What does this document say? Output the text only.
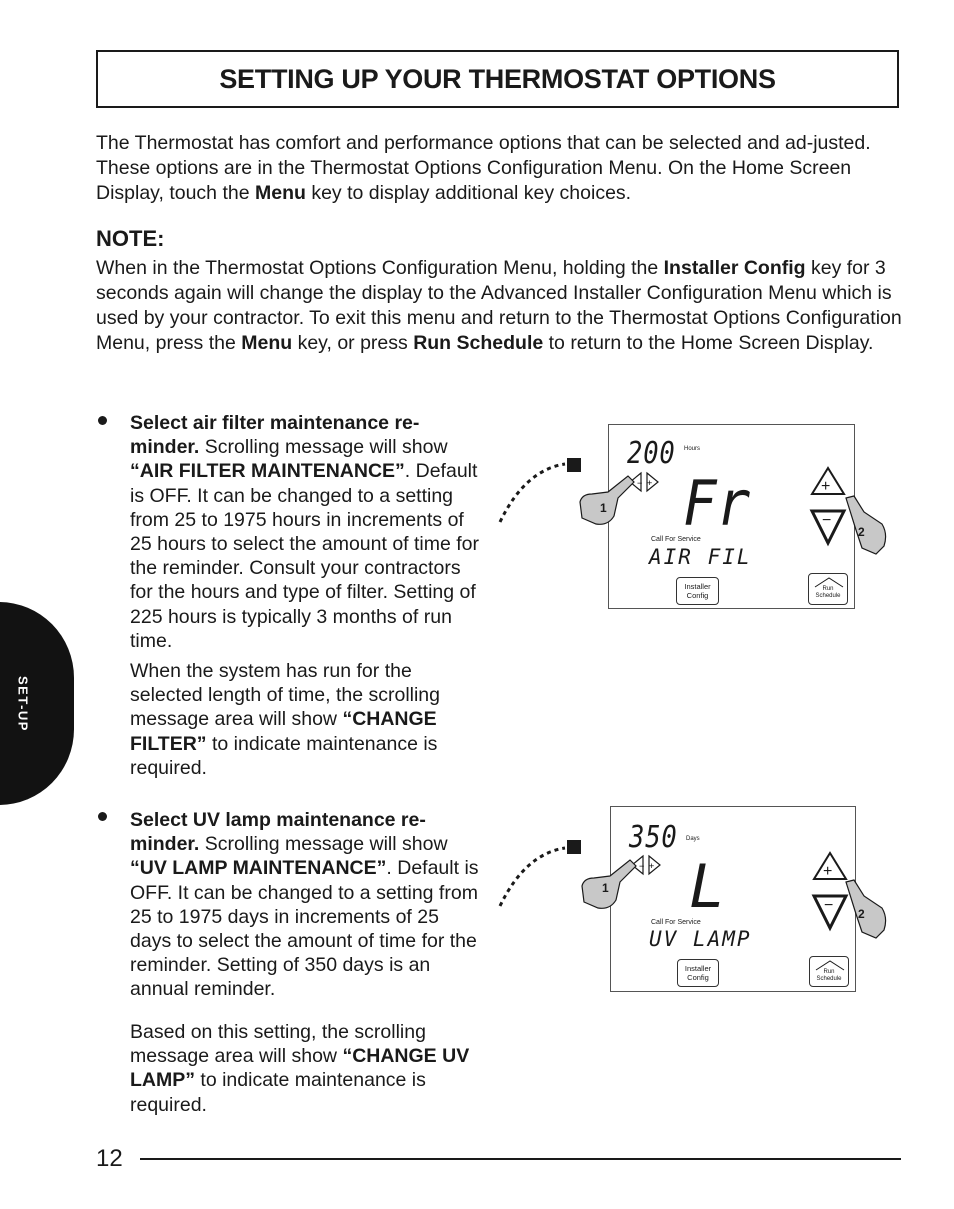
SETTING UP YOUR THERMOSTAT OPTIONS

The Thermostat has comfort and performance options that can be selected and ad-justed. These options are in the Thermostat Options Configuration Menu. On the Home Screen Display, touch the Menu key to display additional key choices.

NOTE:

When in the Thermostat Options Configuration Menu, holding the Installer Config key for 3 seconds again will change the display to the Advanced Installer Configuration Menu which is used by your contractor. To exit this menu and return to the Thermostat Options Configuration Menu, press the Menu key, or press Run Schedule to return to the Home Screen Display.

Select air filter maintenance re-minder. Scrolling message will show “AIR FILTER MAINTENANCE”. Default is OFF. It can be changed to a setting from 25 to 1975 hours in increments of 25 hours to select the amount of time for the reminder. Consult your contractors for the hours and type of filter. Setting of 225 hours is typically 3 months of run time.

When the system has run for the selected length of time, the scrolling message area will show “CHANGE FILTER” to indicate maintenance is required.

Select UV lamp maintenance re-minder. Scrolling message will show “UV LAMP MAINTENANCE”. Default is OFF. It can be changed to a setting from 25 to 1975 days in increments of 25 days to select the amount of time for the reminder. Setting of 350 days is an annual reminder.

Based on this setting, the scrolling message area will show “CHANGE UV LAMP” to indicate maintenance is required.

200 Hours
− + Fr
Call For Service
AIR FIL
Installer
Config
Run
Schedule
+
−
1
2
350 Days
− + L
Call For Service
UV LAMP
Installer
Config
Run
Schedule
+
−
1
2
SET-UP

12
